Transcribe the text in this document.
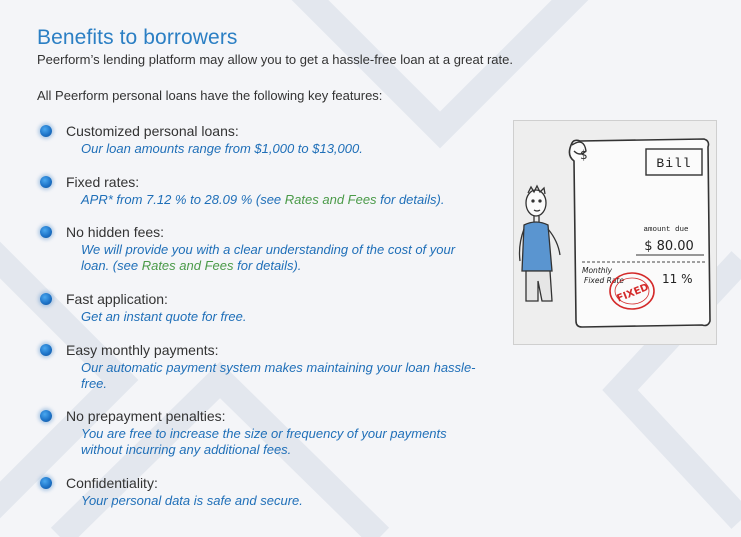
Benefits to borrowers
Peerform’s lending platform may allow you to get a hassle-free loan at a great rate.
All Peerform personal loans have the following key features:
Customized personal loans:
Our loan amounts range from $1,000 to $13,000.
Fixed rates:
APR* from 7.12 % to 28.09 % (see Rates and Fees for details).
No hidden fees:
We will provide you with a clear understanding of the cost of your
loan. (see Rates and Fees for details).
Fast application:
Get an instant quote for free.
Easy monthly payments:
Our automatic payment system makes maintaining your loan hassle-
free.
No prepayment penalties:
You are free to increase the size or frequency of your payments
without incurring any additional fees.
Confidentiality:
Your personal data is safe and secure.
$
Bill
amount due
$ 80.00
Monthly
Fixed Rate	11 %
FIXED
